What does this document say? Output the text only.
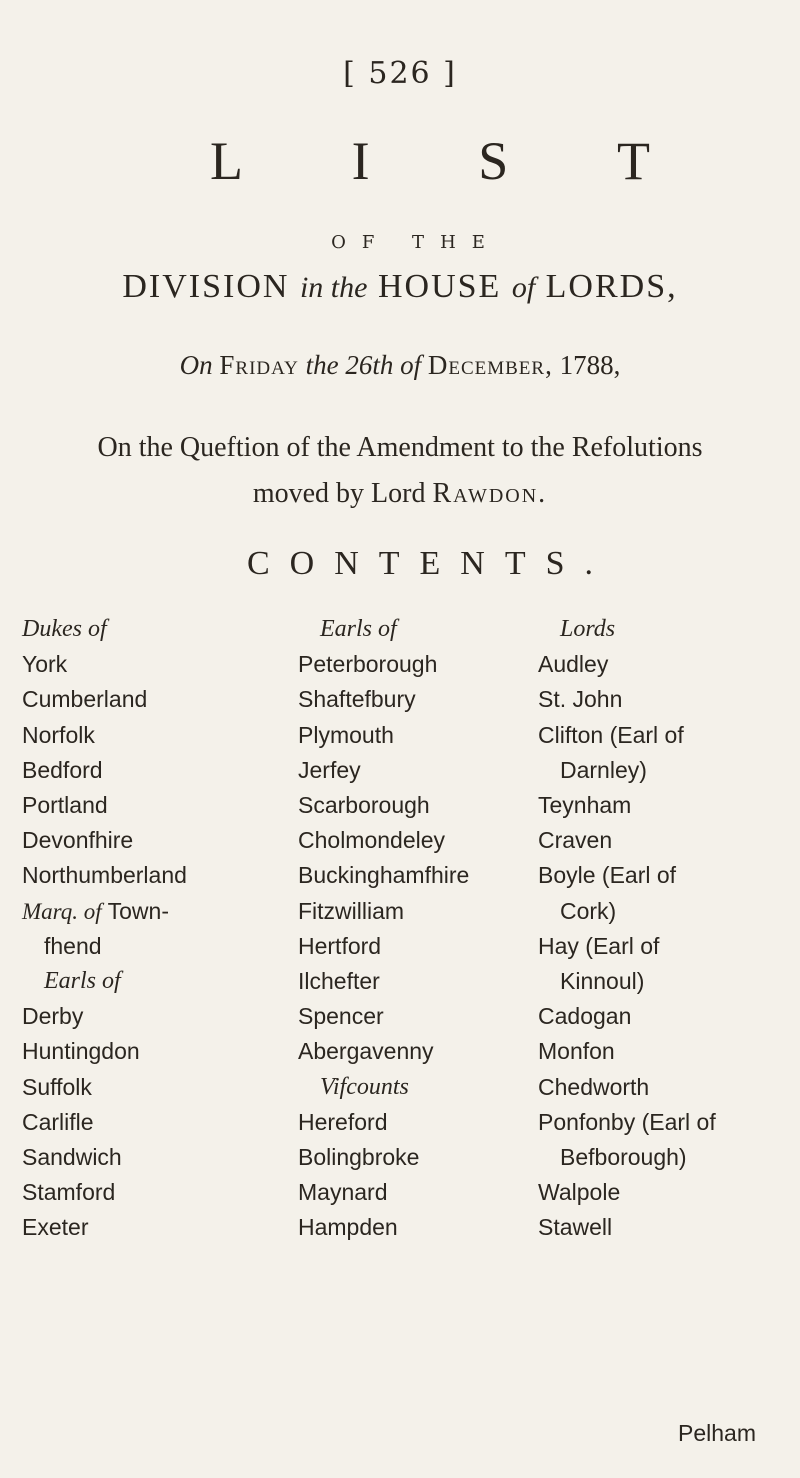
[ 526 ]
L I S T
OF THE
DIVISION in the HOUSE of LORDS,
On Friday the 26th of December, 1788,
On the Queftion of the Amendment to the Refolutions
moved by Lord Rawdon.
CONTENTS.
Dukes of
York
Cumberland
Norfolk
Bedford
Portland
Devonfhire
Northumberland
Marq. of Town-
fhend
Earls of
Derby
Huntingdon
Suffolk
Carlifle
Sandwich
Stamford
Exeter
Earls of
Peterborough
Shaftefbury
Plymouth
Jerfey
Scarborough
Cholmondeley
Buckinghamfhire
Fitzwilliam
Hertford
Ilchefter
Spencer
Abergavenny
Vifcounts
Hereford
Bolingbroke
Maynard
Hampden
Lords
Audley
St. John
Clifton (Earl of
Darnley)
Teynham
Craven
Boyle (Earl of
Cork)
Hay (Earl of
Kinnoul)
Cadogan
Monfon
Chedworth
Ponfonby (Earl of
Befborough)
Walpole
Stawell
Pelham
